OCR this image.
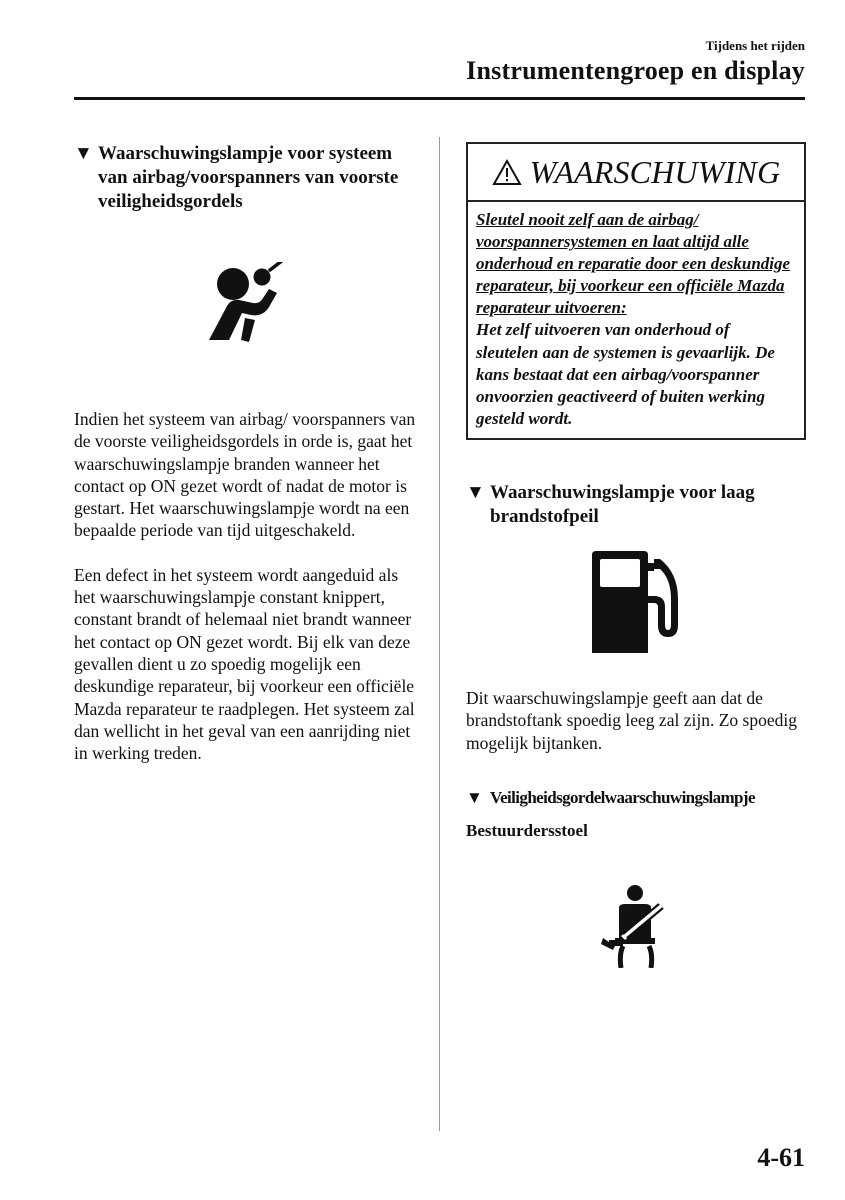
Tijdens het rijden
Instrumentengroep en display
▼ Waarschuwingslampje voor systeem van airbag/voorspanners van voorste veiligheidsgordels

Indien het systeem van airbag/ voorspanners van de voorste veiligheidsgordels in orde is, gaat het waarschuwingslampje branden wanneer het contact op ON gezet wordt of nadat de motor is gestart. Het waarschuwingslampje wordt na een bepaalde periode van tijd uitgeschakeld.

Een defect in het systeem wordt aangeduid als het waarschuwingslampje constant knippert, constant brandt of helemaal niet brandt wanneer het contact op ON gezet wordt. Bij elk van deze gevallen dient u zo spoedig mogelijk een deskundige reparateur, bij voorkeur een officiële Mazda reparateur te raadplegen. Het systeem zal dan wellicht in het geval van een aanrijding niet in werking treden.

WAARSCHUWING
Sleutel nooit zelf aan de airbag/ voorspannersystemen en laat altijd alle onderhoud en reparatie door een deskundige reparateur, bij voorkeur een officiële Mazda reparateur uitvoeren:
Het zelf uitvoeren van onderhoud of sleutelen aan de systemen is gevaarlijk. De kans bestaat dat een airbag/voorspanner onvoorzien geactiveerd of buiten werking gesteld wordt.
▼ Waarschuwingslampje voor laag brandstofpeil

Dit waarschuwingslampje geeft aan dat de brandstoftank spoedig leeg zal zijn. Zo spoedig mogelijk bijtanken.

▼ Veiligheidsgordelwaarschuwingslampje
Bestuurdersstoel
4-61
